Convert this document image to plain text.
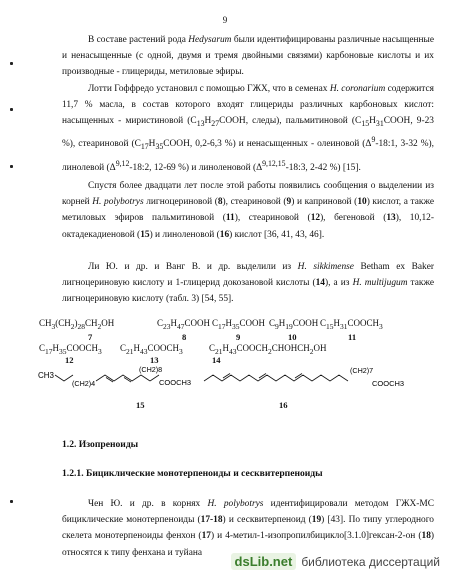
9

В составе растений рода Hedysarum были идентифицированы различные насыщенные и ненасыщенные (с одной, двумя и тремя двойными связями) карбоновые кислоты и их производные - глицериды, метиловые эфиры.

Лотти Гоффредо установил с помощью ГЖХ, что в семенах H. coronarium содержится 11,7 % масла, в состав которого входят глицериды различных карбоновых кислот: насыщенных - миристиновой ($C_{13}H_{27}COOH$, следы), пальмитиновой ($C_{15}H_{31}COOH$, 9-23 %), стеариновой ($C_{17}H_{35}COOH$, 0,2-6,3 %) и ненасыщенных - олеиновой ($\Delta^9-18:1$, 3-32 %), линолевой ($\Delta^{9,12}-18:2$, 12-69 %) и линоленовой ($\Delta^{9,12,15}-18:3$, 2-42 %) [15].

Спустя более двадцати лет после этой работы появились сообщения о выделении из корней H. polybotrys лигноцериновой (8), стеариновой (9) и каприновой (10) кислот, а также метиловых эфиров пальмитиновой (11), стеариновой (12), бегеновой (13), 10,12-октадекадиеновой (15) и линоленовой (16) кислот [36, 41, 43, 46].

Ли Ю. и др. и Ванг В. и др. выделили из H. sikkimense Betham ex Baker лигноцериновую кислоту и 1-глицерид докозановой кислоты (14), а из H. multijugum также лигноцериновую кислоту (табл. 3) [54, 55].

$CH_3(CH_2)_{28}CH_2OH$	$C_{23}H_{47}COOH$ $C_{17}H_{35}COOH$ $C_9H_{19}COOH$ $C_{15}H_{31}COOCH_3$
7	8	9	10	11
$C_{17}H_{35}COOCH_3$ $C_{21}H_{43}COOCH_3$	$C_{21}H_{43}COOCH_2CHOHCH_2OH$
12	13	14
CH3
(CH2)4
(CH2)8
COOCH3
(CH2)7
COOCH3
15	16
1.2. Изопреноиды
1.2.1. Бициклические монотерпеноиды и сесквитерпеноиды

Чен Ю. и др. в корнях H. polybotrys идентифицировали методом ГЖХ-МС бициклические монотерпеноиды (17-18) и сесквитерпеноид (19) [43]. По типу углеродного скелета монотерпеноиды фенхон (17) и 4-метил-1-изопропилбицикло[3.1.0]гексан-2-он (18) относятся к типу фенхана и туйана

dsLib.net библиотека диссертаций
